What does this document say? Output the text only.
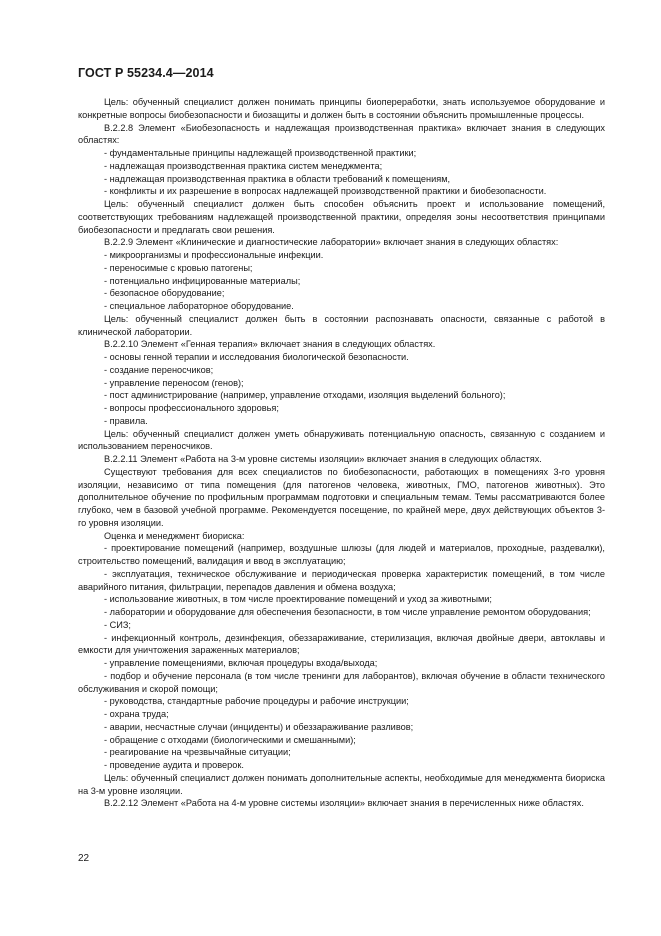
ГОСТ Р 55234.4—2014
Цель: обученный специалист должен понимать принципы биопереработки, знать используемое оборудование и конкретные вопросы биобезопасности и биозащиты и должен быть в состоянии объяснить промышленные процессы.
В.2.2.8 Элемент «Биобезопасность и надлежащая производственная практика» включает знания в следующих областях:
- фундаментальные принципы надлежащей производственной практики;
- надлежащая производственная практика систем менеджмента;
- надлежащая производственная практика в области требований к помещениям,
- конфликты и их разрешение в вопросах надлежащей производственной практики и биобезопасности.
Цель: обученный специалист должен быть способен объяснить проект и использование помещений, соответствующих требованиям надлежащей производственной практики, определяя зоны несоответствия принципами биобезопасности и предлагать свои решения.
В.2.2.9 Элемент «Клинические и диагностические лаборатории» включает знания в следующих областях:
- микроорганизмы и профессиональные инфекции.
- переносимые с кровью патогены;
- потенциально инфицированные материалы;
- безопасное оборудование;
- специальное лабораторное оборудование.
Цель: обученный специалист должен быть в состоянии распознавать опасности, связанные с работой в клинической лаборатории.
В.2.2.10 Элемент «Генная терапия» включает знания в следующих областях.
- основы генной терапии и исследования биологической безопасности.
- создание переносчиков;
- управление переносом (генов);
- пост администрирование (например, управление отходами, изоляция выделений больного);
- вопросы профессионального здоровья;
- правила.
Цель: обученный специалист должен уметь обнаруживать потенциальную опасность, связанную с созданием и использованием переносчиков.
В.2.2.11 Элемент «Работа на 3-м уровне системы изоляции» включает знания в следующих областях.
Существуют требования для всех специалистов по биобезопасности, работающих в помещениях 3-го уровня изоляции, независимо от типа помещения (для патогенов человека, животных, ГМО, патогенов животных). Это дополнительное обучение по профильным программам подготовки и специальным темам. Темы рассматриваются более глубоко, чем в базовой учебной программе. Рекомендуется посещение, по крайней мере, двух действующих объектов 3-го уровня изоляции.
Оценка и менеджмент биориска:
- проектирование помещений (например, воздушные шлюзы (для людей и материалов, проходные, раздевалки), строительство помещений, валидация и ввод в эксплуатацию;
- эксплуатация, техническое обслуживание и периодическая проверка характеристик помещений, в том числе аварийного питания, фильтрации, перепадов давления и обмена воздуха;
- использование животных, в том числе проектирование помещений и уход за животными;
- лаборатории и оборудование для обеспечения безопасности, в том числе управление ремонтом оборудования;
- СИЗ;
- инфекционный контроль, дезинфекция, обеззараживание, стерилизация, включая двойные двери, автоклавы и емкости для уничтожения зараженных материалов;
- управление помещениями, включая процедуры входа/выхода;
- подбор и обучение персонала (в том числе тренинги для лаборантов), включая обучение в области технического обслуживания и скорой помощи;
- руководства, стандартные рабочие процедуры и рабочие инструкции;
- охрана труда;
- аварии, несчастные случаи (инциденты) и обеззараживание разливов;
- обращение с отходами (биологическими и смешанными);
- реагирование на чрезвычайные ситуации;
- проведение аудита и проверок.
Цель: обученный специалист должен понимать дополнительные аспекты, необходимые для менеджмента биориска на 3-м уровне изоляции.
В.2.2.12 Элемент «Работа на 4-м уровне системы изоляции» включает знания в перечисленных ниже областях.
22
